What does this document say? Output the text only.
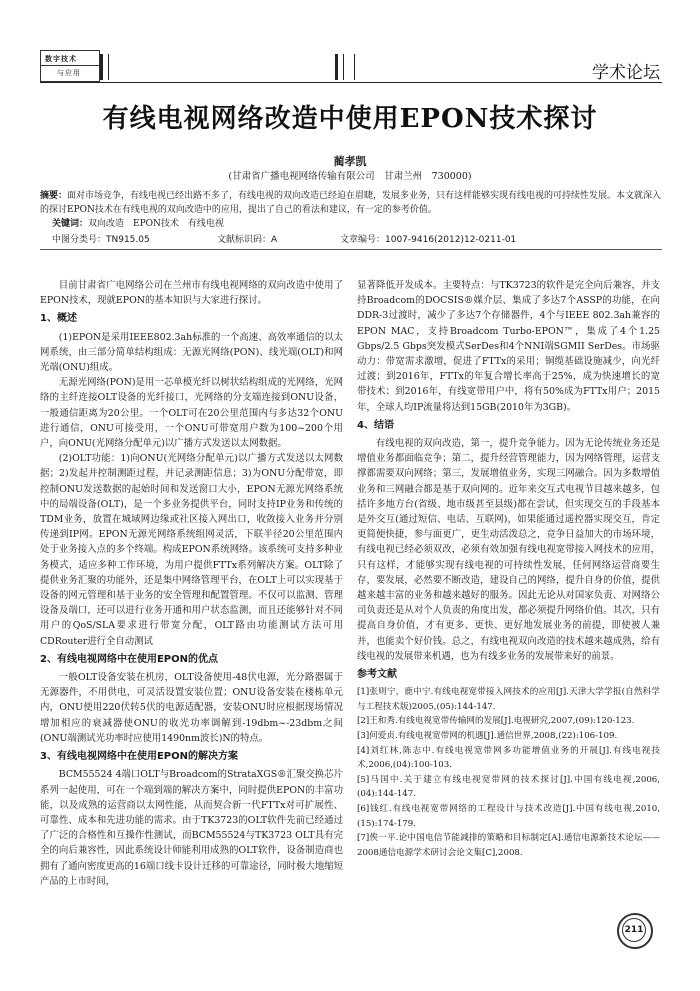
数字技术
与应用	学术论坛
有线电视网络改造中使用EPON技术探讨
蔺孝凯
(甘肃省广播电视网络传输有限公司　甘肃兰州　730000)
摘要：面对市场竞争，有线电视已经出路不多了，有线电视的双向改造已经迫在眉睫，发展多业务，只有这样能够实现有线电视的可持续性发展。本文就深入的探讨EPON技术在有线电视的双向改造中的应用，提出了自己的看法和建议，有一定的参考价值。
关键词：双向改造　EPON技术　有线电视
中图分类号：TN915.05	文献标识码：A	文章编号：1007-9416(2012)12-0211-01

目前甘肃省广电网络公司在兰州市有线电视网络的双向改造中使用了EPON技术，现就EPON的基本知识与大家进行探讨。

1、概述

(1)EPON是采用IEEE802.3ah标准的一个高速、高效率通信的以太网系统，由三部分简单结构组成：无源光网络(PON)、线光端(OLT)和网光端(ONU)组成。

无源光网络(PON)是用一芯单模光纤以树状结构组成的光网络，光网络的主纤连接OLT设备的光纤接口，光网络的分支端连接到ONU设备，一般通信距离为20公里。一个OLT可在20公里范围内与多达32个ONU进行通信，ONU可接受用，一个ONU可带宽用户数为100~200个用户，向ONU(光网络分配单元)以广播方式发送以太网数据。

(2)OLT功能：1)向ONU(光网络分配单元)以广播方式发送以太网数据；2)发起并控制测距过程，并记录测距信息；3)为ONU分配带宽，即控制ONU发送数据的起始时间和发送窗口大小，EPON无源光网络系统中的局端设备(OLT)，是一个多业务提供平台，同时支持IP业务和传统的TDM业务，放置在城域网边缘或社区接入网出口，收敛接入业务并分别传递到IP网。EPON无源光网络系统组网灵活，下联半径20公里范围内处于业务接入点的多个终端。构成EPON系统网络。该系统可支持多种业务模式，适应多种工作环境，为用户提供FTTx系列解决方案。OLT除了提供业务汇聚的功能外，还是集中网络管理平台，在OLT上可以实现基于设备的网元管理和基于业务的安全管理和配置管理。不仅可以监测、管理设备及端口，还可以进行业务开通和用户状态监测，而且还能够针对不同用户的QoS/SLA要求进行带宽分配，OLT路由功能测试方法可用CDRouter进行全自动测试

2、有线电视网络中在使用EPON的优点

一般OLT设备安装在机房，OLT设备使用-48伏电源，光分路器属于无源器件，不用供电，可灵活设置安装位置；ONU设备安装在楼栋单元内，ONU使用220伏转5伏的电源适配器，安装ONU时应根据现场情况增加相应的衰减器使ONU的收光功率调解到-19dbm~-23dbm之间(ONU端测试光功率时应使用1490nm波长)N的特点。

3、有线电视网络中在使用EPON的解决方案

BCM55524 4端口OLT与Broadcom的StrataXGS®汇聚交换芯片系列一起使用，可在一个端到端的解决方案中，同时提供EPON的丰富功能，以及成熟的运营商以太网性能，从而契合新一代FTTx对可扩展性、可靠性、成本和先进功能的需求。由于TK3723的OLT软件先前已经通过了广泛的合格性和互操作性测试，而BCM55524与TK3723 OLT具有完全的向后兼容性，因此系统设计师能利用成熟的OLT软件，设备制造商也拥有了通向密度更高的16端口线卡设计迁移的可靠途径，同时极大地缩短产品的上市时间，

显著降低开发成本。主要特点：与TK3723的软件是完全向后兼容，并支持Broadcom的DOCSIS®媒介层、集成了多达7个ASSP的功能，在向DDR-3过渡时，减少了多达7个存储器件，4个与IEEE 802.3ah兼容的EPON MAC，支持Broadcom Turbo-EPON™，集成了4个1.25 Gbps/2.5 Gbps突发模式SerDes和4个NNI端SGMII SerDes。市场驱动力：带宽需求激增，促进了FTTx的采用；铜缆基础设施减少，向光纤过渡；到2016年，FTTx的年复合增长率高于25%，成为快速增长的宽带技术；到2016年，有线宽带用户中，将有50%成为FTTx用户；2015年，全球人均IP流量将达到15GB(2010年为3GB)。

4、结语

有线电视的双向改造，第一，提升竞争能力。因为无论传统业务还是增值业务都面临竞争；第二，提升经营管理能力，因为网络管理，运营支撑都需要双向网络；第三，发展增值业务，实现三网融合。因为多数增值业务和三网融合都是基于双向网的。近年来交互式电视节目越来越多，包括许多地方台(省级、地市级甚至县级)都在尝试，但实现交互的手段基本是外交互(通过短信、电话、互联网)，如果能通过遥控器实现交互，肯定更简便快捷，参与面更广，更生动活泼总之，竞争日益加大的市场环境，有线电视已经必须双改，必须有效加强有线电视宽带接入网技术的应用，只有这样，才能够实现有线电视的可持续性发展，任何网络运营商要生存，要发展，必然要不断改造，建设自己的网络，提升自身的价值，提供越来越丰富的业务和越来越好的服务。因此无论从对国家负责、对网络公司负责还是从对个人负责的角度出发，都必须提升网络价值。其次，只有提高自身价值，才有更多、更快、更好地发展业务的前提，即使被人兼并，也能卖个好价钱。总之，有线电视双向改造的技术越来越成熟，给有线电视的发展带来机遇，也为有线多业务的发展带来好的前景。

参考文献
[1]张则宁，鹿中宁.有线电视宽带接入网技术的应用[J].天津大学学报(自然科学与工程技术版)2005,(05):144-147.
[2]王和秀.有线电视宽带传输网的发展[J].电视研究,2007,(09):120-123.
[3]何爱贞.有线电视宽带网的机遇[J].通信世界,2008,(22):106-109.
[4]刘红林,陈志中.有线电视宽带网多功能增值业务的开展[J].有线电视技术,2006,(04):100-103.
[5]马国中.关于建立有线电视宽带网的技术探讨[J].中国有线电视,2006,(04):144-147.
[6]钱红.有线电视宽带网络的工程设计与技术改造[J].中国有线电视,2010,(15):174-179.
[7]俟一平.论中国电信节能减排的策略和目标制定[A].通信电源新技术论坛——2008通信电源学术研讨会论文集[C],2008.
211
